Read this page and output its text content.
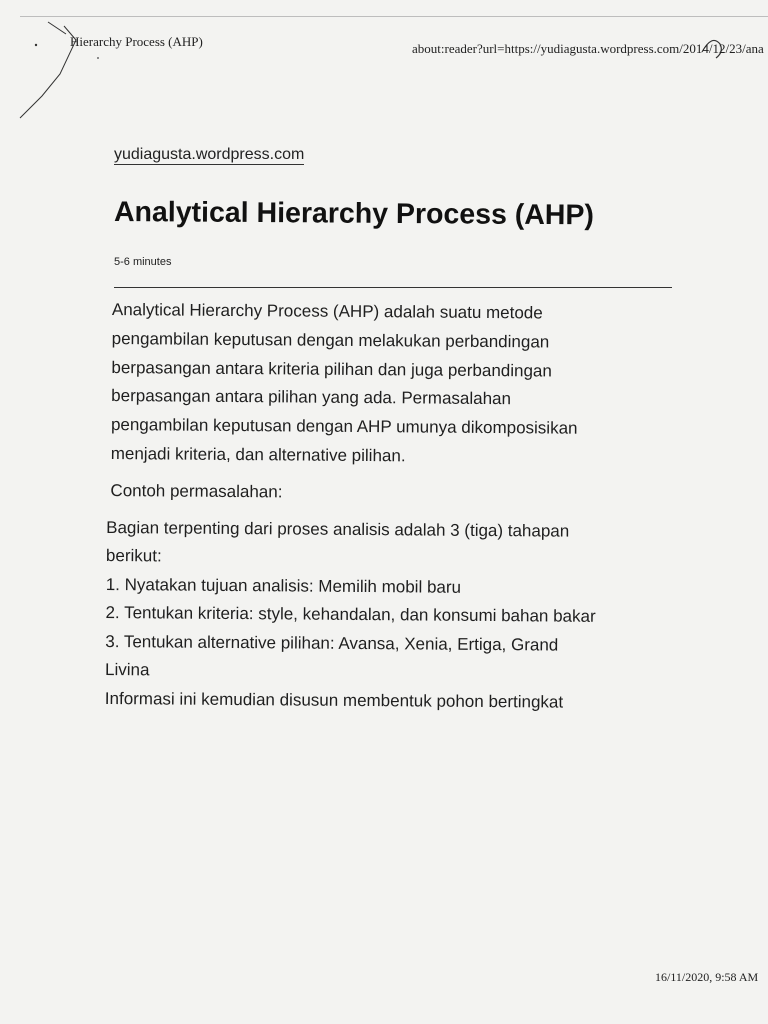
Hierarchy Process (AHP)	about:reader?url=https://yudiagusta.wordpress.com/2014/12/23/ana
yudiagusta.wordpress.com
Analytical Hierarchy Process (AHP)
5-6 minutes

Analytical Hierarchy Process (AHP) adalah suatu metode
pengambilan keputusan dengan melakukan perbandingan
berpasangan antara kriteria pilihan dan juga perbandingan
berpasangan antara pilihan yang ada. Permasalahan
pengambilan keputusan dengan AHP umunya dikomposisikan
menjadi kriteria, dan alternative pilihan.

Contoh permasalahan:

Bagian terpenting dari proses analisis adalah 3 (tiga) tahapan
berikut:
1. Nyatakan tujuan analisis: Memilih mobil baru
2. Tentukan kriteria: style, kehandalan, dan konsumi bahan bakar
3. Tentukan alternative pilihan: Avansa, Xenia, Ertiga, Grand
Livina
Informasi ini kemudian disusun membentuk pohon bertingkat

16/11/2020, 9:58 AM
